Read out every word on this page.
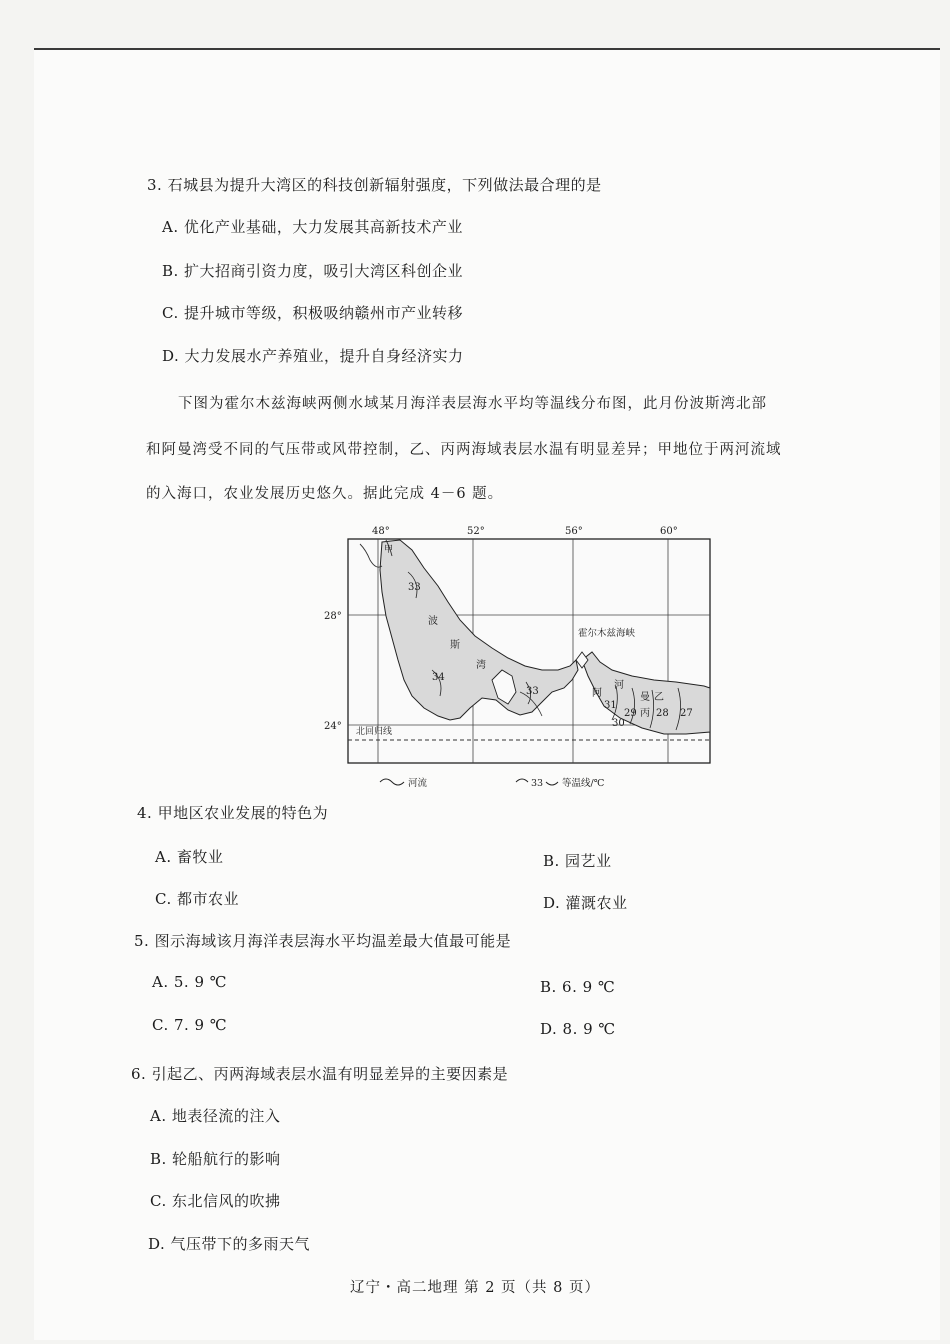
3. 石城县为提升大湾区的科技创新辐射强度，下列做法最合理的是
A. 优化产业基础，大力发展其高新技术产业
B. 扩大招商引资力度，吸引大湾区科创企业
C. 提升城市等级，积极吸纳赣州市产业转移
D. 大力发展水产养殖业，提升自身经济实力
下图为霍尔木兹海峡两侧水域某月海洋表层海水平均等温线分布图，此月份波斯湾北部
和阿曼湾受不同的气压带或风带控制，乙、丙两海域表层水温有明显差异；甲地位于两河流域
的入海口，农业发展历史悠久。据此完成 4－6 题。
48°	52°	56°	60°
28°
24°
甲
波
斯
湾
霍尔木兹海峡
阿	曼 乙
丙
河
33
34
33
31
29
30
28 27
北回归线
河流	33 等温线/℃
4. 甲地区农业发展的特色为
A. 畜牧业	B. 园艺业
C. 都市农业	D. 灌溉农业
5. 图示海域该月海洋表层海水平均温差最大值最可能是
A. 5. 9 ℃	B. 6. 9 ℃
C. 7. 9 ℃	D. 8. 9 ℃
6. 引起乙、丙两海域表层水温有明显差异的主要因素是
A. 地表径流的注入
B. 轮船航行的影响
C. 东北信风的吹拂
D. 气压带下的多雨天气
辽宁・高二地理 第 2 页（共 8 页）
